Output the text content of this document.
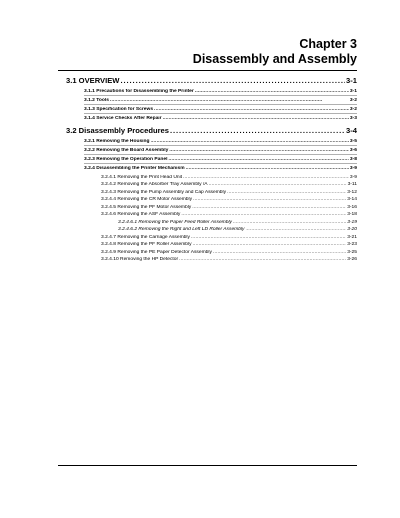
Chapter 3
Disassembly and Assembly
3.1 OVERVIEW . . .	3-1
3.1.1 Precautions for Disassembling the Printer . . .	3-1
3.1.2 Tools . . .	3-2
3.1.3 Specification for Screws . . .	3-2
3.1.4 Service Checks After Repair . . .	3-3
3.2 Disassembly Procedures . . .	3-4
3.2.1 Removing the Housing . . .	3-5
3.2.2 Removing the Board Assembly . . .	3-6
3.2.3 Removing the Operation Panel . . .	3-8
3.2.4 Disassembling the Printer Mechanism . . .	3-9
3.2.4.1 Removing the Print Head Unit . . .	3-9
3.2.4.2 Removing the Absorber Tray Assembly /A . . .	3-11
3.2.4.3 Removing the Pump Assembly and Cap Assembly . . .	3-12
3.2.4.4 Removing the CR Motor Assembly . . .	3-14
3.2.4.5 Removing the PF Motor Assembly . . .	3-16
3.2.4.6 Removing the ASF Assembly . . .	3-18
3.2.4.6.1 Removing the Paper Feed Roller Assembly . . .	3-19
3.2.4.6.2 Removing the Right and Left LD Roller Assembly . . .	3-20
3.2.4.7 Removing the Carriage Assembly . . .	3-21
3.2.4.8 Removing the PF Roller Assembly . . .	3-23
3.2.4.9 Removing the PE Paper Detector Assembly . . .	3-25
3.2.4.10 Removing the HP Detector . . .	3-26
